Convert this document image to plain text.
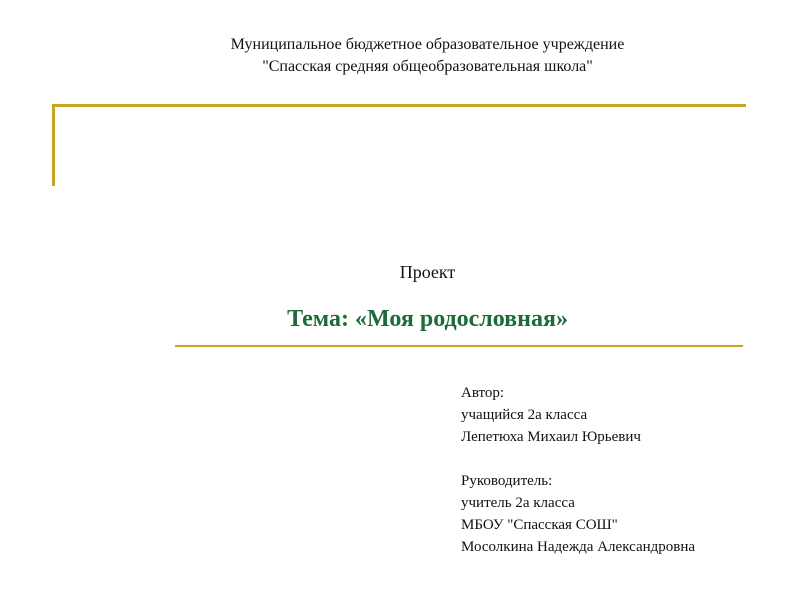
Муниципальное бюджетное образовательное учреждение
"Спасская средняя общеобразовательная школа"
Проект
Тема: «Моя родословная»
Автор:
учащийся 2а класса
Лепетюха Михаил Юрьевич
Руководитель:
учитель 2а класса
МБОУ "Спасская СОШ"
Мосолкина Надежда Александровна
